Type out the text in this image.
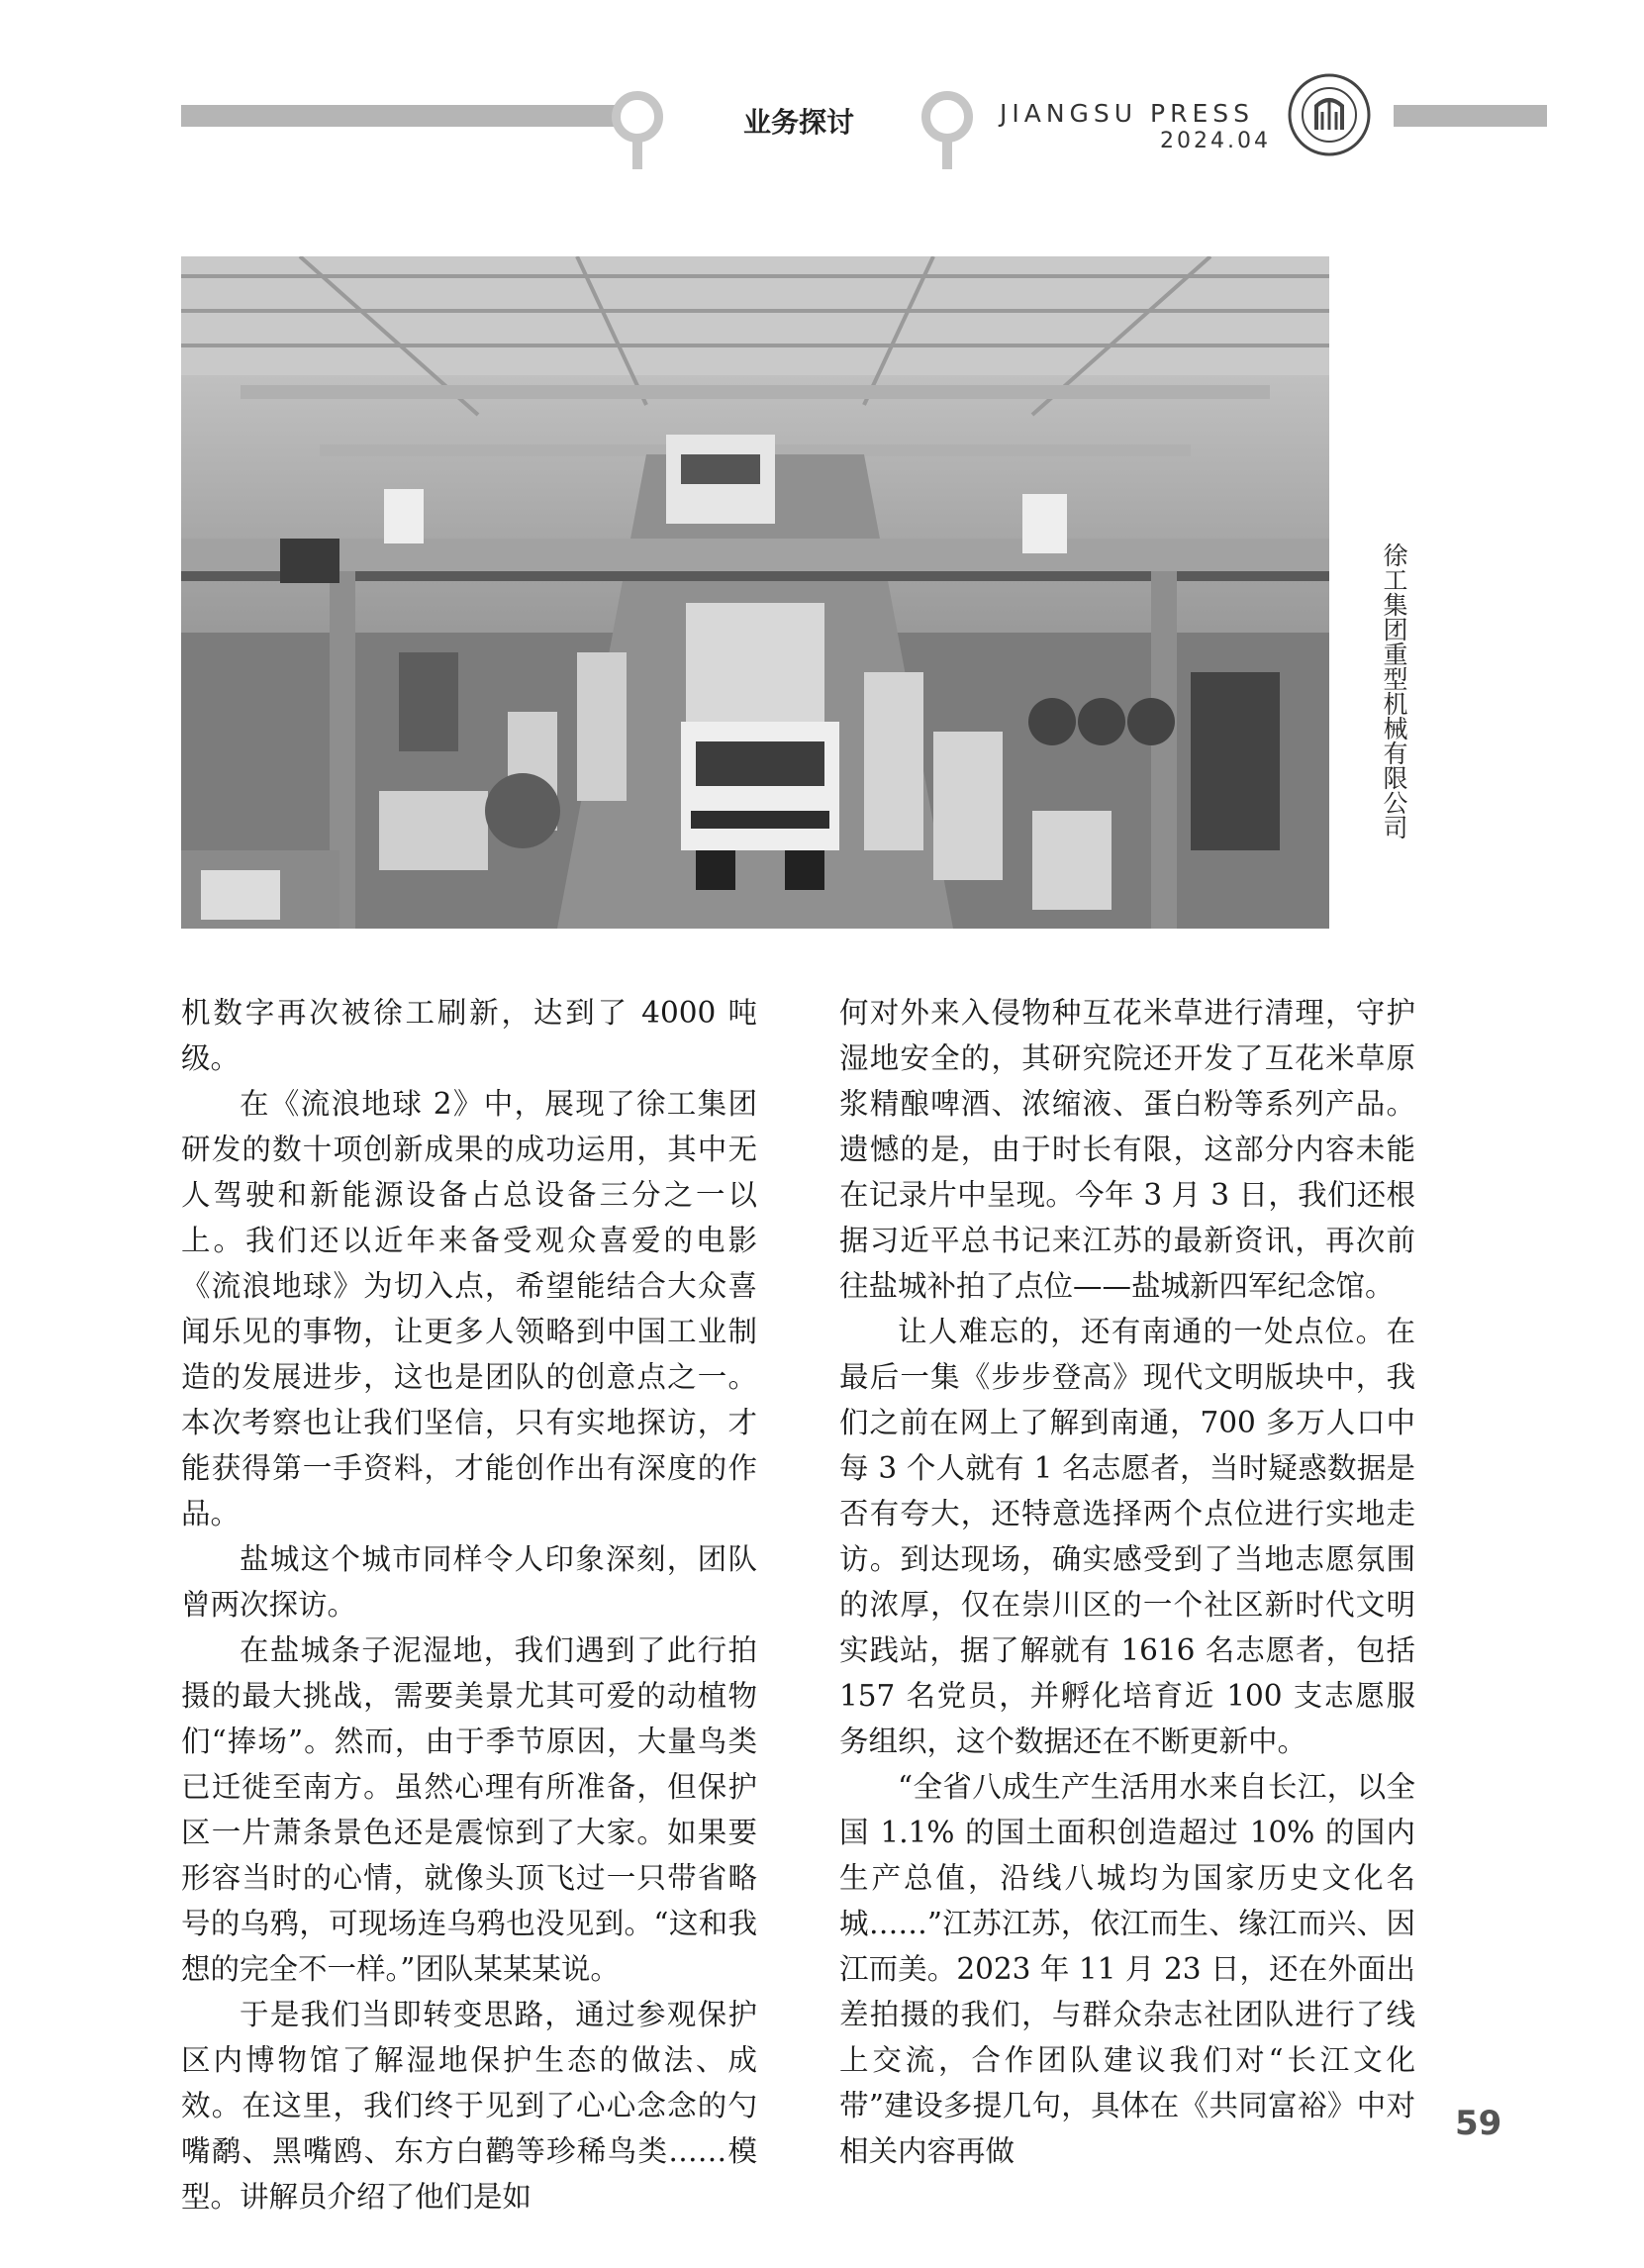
业务探讨	JIANGSU PRESS
2024.04
徐工集团重型机械有限公司

机数字再次被徐工刷新，达到了 4000 吨级。

在《流浪地球 2》中，展现了徐工集团研发的数十项创新成果的成功运用，其中无人驾驶和新能源设备占总设备三分之一以上。我们还以近年来备受观众喜爱的电影《流浪地球》为切入点，希望能结合大众喜闻乐见的事物，让更多人领略到中国工业制造的发展进步，这也是团队的创意点之一。本次考察也让我们坚信，只有实地探访，才能获得第一手资料，才能创作出有深度的作品。

盐城这个城市同样令人印象深刻，团队曾两次探访。

在盐城条子泥湿地，我们遇到了此行拍摄的最大挑战，需要美景尤其可爱的动植物们“捧场”。然而，由于季节原因，大量鸟类已迁徙至南方。虽然心理有所准备，但保护区一片萧条景色还是震惊到了大家。如果要形容当时的心情，就像头顶飞过一只带省略号的乌鸦，可现场连乌鸦也没见到。“这和我想的完全不一样。”团队某某某说。

于是我们当即转变思路，通过参观保护区内博物馆了解湿地保护生态的做法、成效。在这里，我们终于见到了心心念念的勺嘴鹬、黑嘴鸥、东方白鹳等珍稀鸟类……模型。讲解员介绍了他们是如

何对外来入侵物种互花米草进行清理，守护湿地安全的，其研究院还开发了互花米草原浆精酿啤酒、浓缩液、蛋白粉等系列产品。遗憾的是，由于时长有限，这部分内容未能在记录片中呈现。今年 3 月 3 日，我们还根据习近平总书记来江苏的最新资讯，再次前往盐城补拍了点位——盐城新四军纪念馆。

让人难忘的，还有南通的一处点位。在最后一集《步步登高》现代文明版块中，我们之前在网上了解到南通，700 多万人口中每 3 个人就有 1 名志愿者，当时疑惑数据是否有夸大，还特意选择两个点位进行实地走访。到达现场，确实感受到了当地志愿氛围的浓厚，仅在崇川区的一个社区新时代文明实践站，据了解就有 1616 名志愿者，包括 157 名党员，并孵化培育近 100 支志愿服务组织，这个数据还在不断更新中。

“全省八成生产生活用水来自长江，以全国 1.1% 的国土面积创造超过 10% 的国内生产总值，沿线八城均为国家历史文化名城……”江苏江苏，依江而生、缘江而兴、因江而美。2023 年 11 月 23 日，还在外面出差拍摄的我们，与群众杂志社团队进行了线上交流，合作团队建议我们对“长江文化带”建设多提几句，具体在《共同富裕》中对相关内容再做

59
